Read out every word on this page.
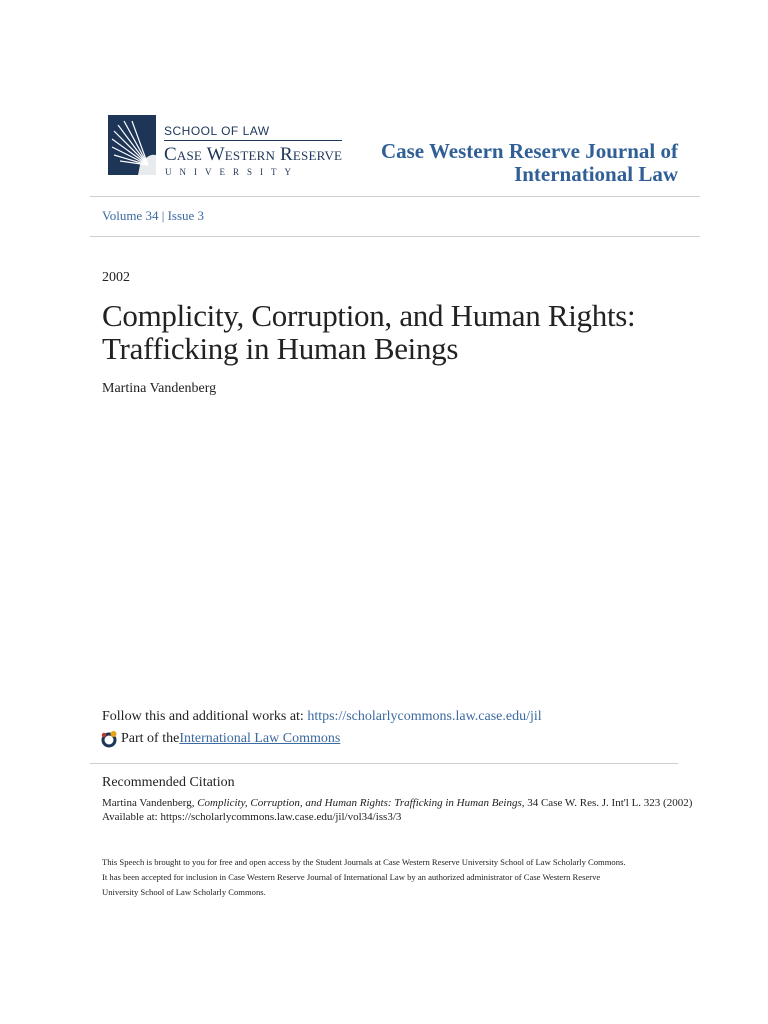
SCHOOL OF LAW
Case Western Reserve
UNIVERSITY
Case Western Reserve Journal of
International Law
Volume 34 | Issue 3
2002
Complicity, Corruption, and Human Rights:
Trafficking in Human Beings
Martina Vandenberg
Follow this and additional works at: https://scholarlycommons.law.case.edu/jil
Part of the International Law Commons
Recommended Citation
Martina Vandenberg, Complicity, Corruption, and Human Rights: Trafficking in Human Beings, 34 Case W. Res. J. Int'l L. 323 (2002)
Available at: https://scholarlycommons.law.case.edu/jil/vol34/iss3/3
This Speech is brought to you for free and open access by the Student Journals at Case Western Reserve University School of Law Scholarly Commons.
It has been accepted for inclusion in Case Western Reserve Journal of International Law by an authorized administrator of Case Western Reserve
University School of Law Scholarly Commons.
